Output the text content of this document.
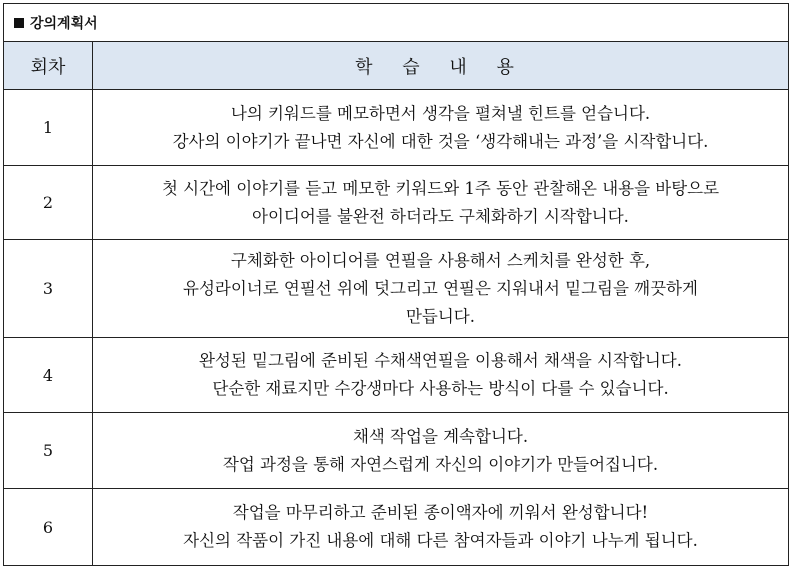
강의계획서
회차	학 습 내 용
1	나의 키워드를 메모하면서 생각을 펼쳐낼 힌트를 얻습니다.
강사의 이야기가 끝나면 자신에 대한 것을 ‘생각해내는 과정’을 시작합니다.

2	첫 시간에 이야기를 듣고 메모한 키워드와 1주 동안 관찰해온 내용을 바탕으로
아이디어를 불완전 하더라도 구체화하기 시작합니다.

3	구체화한 아이디어를 연필을 사용해서 스케치를 완성한 후,
유성라이너로 연필선 위에 덧그리고 연필은 지워내서 밑그림을 깨끗하게
만듭니다.

4	완성된 밑그림에 준비된 수채색연필을 이용해서 채색을 시작합니다.
단순한 재료지만 수강생마다 사용하는 방식이 다를 수 있습니다.

5	채색 작업을 계속합니다.
작업 과정을 통해 자연스럽게 자신의 이야기가 만들어집니다.

6	작업을 마무리하고 준비된 종이액자에 끼워서 완성합니다!
자신의 작품이 가진 내용에 대해 다른 참여자들과 이야기 나누게 됩니다.
